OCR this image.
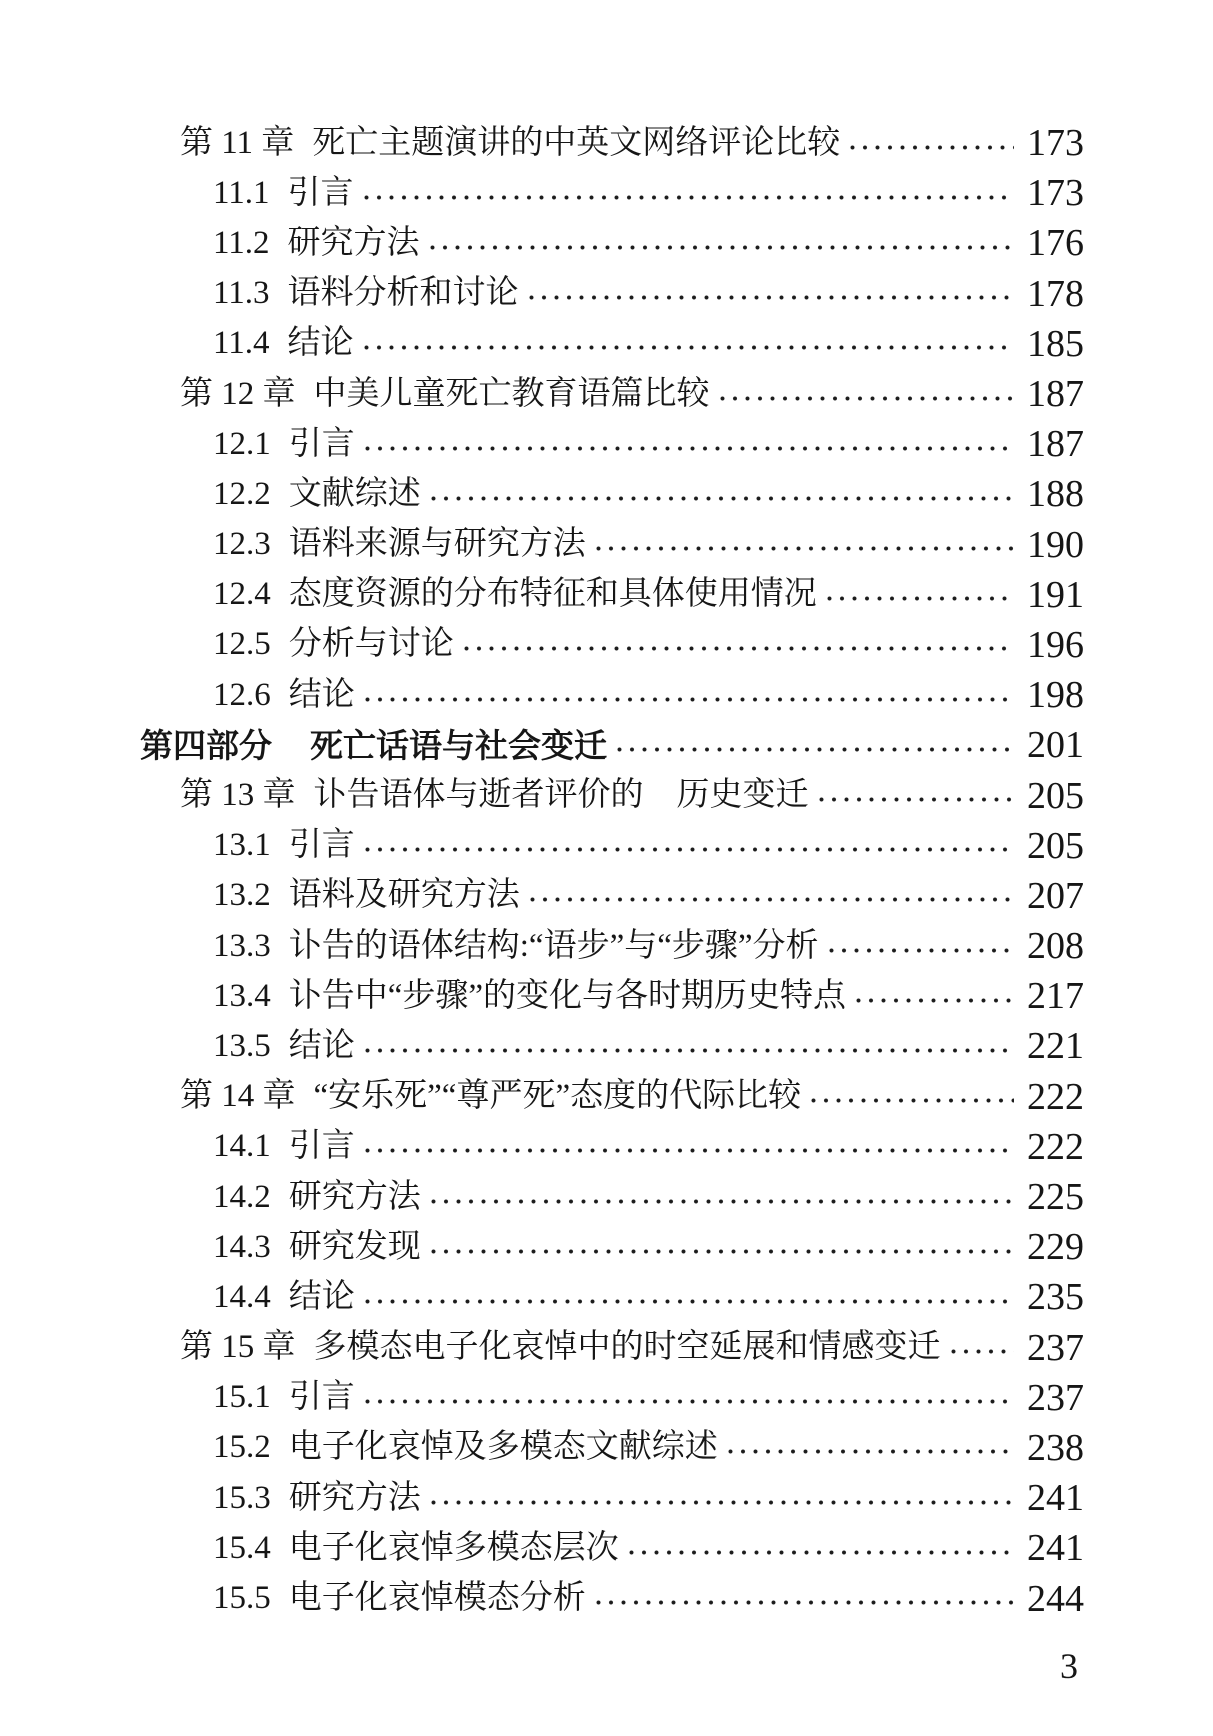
第 11 章 死亡主题演讲的中英文网络评论比较	173
11.1 引言	173
11.2 研究方法	176
11.3 语料分析和讨论	178
11.4 结论	185
第 12 章 中美儿童死亡教育语篇比较	187
12.1 引言	187
12.2 文献综述	188
12.3 语料来源与研究方法	190
12.4 态度资源的分布特征和具体使用情况	191
12.5 分析与讨论	196
12.6 结论	198
第四部分 死亡话语与社会变迁	201
第 13 章 讣告语体与逝者评价的　历史变迁	205
13.1 引言	205
13.2 语料及研究方法	207
13.3 讣告的语体结构:“语步”与“步骤”分析	208
13.4 讣告中“步骤”的变化与各时期历史特点	217
13.5 结论	221
第 14 章 “安乐死”“尊严死”态度的代际比较	222
14.1 引言	222
14.2 研究方法	225
14.3 研究发现	229
14.4 结论	235
第 15 章 多模态电子化哀悼中的时空延展和情感变迁 237
15.1 引言	237
15.2 电子化哀悼及多模态文献综述	238
15.3 研究方法	241
15.4 电子化哀悼多模态层次	241
15.5 电子化哀悼模态分析	244
3
